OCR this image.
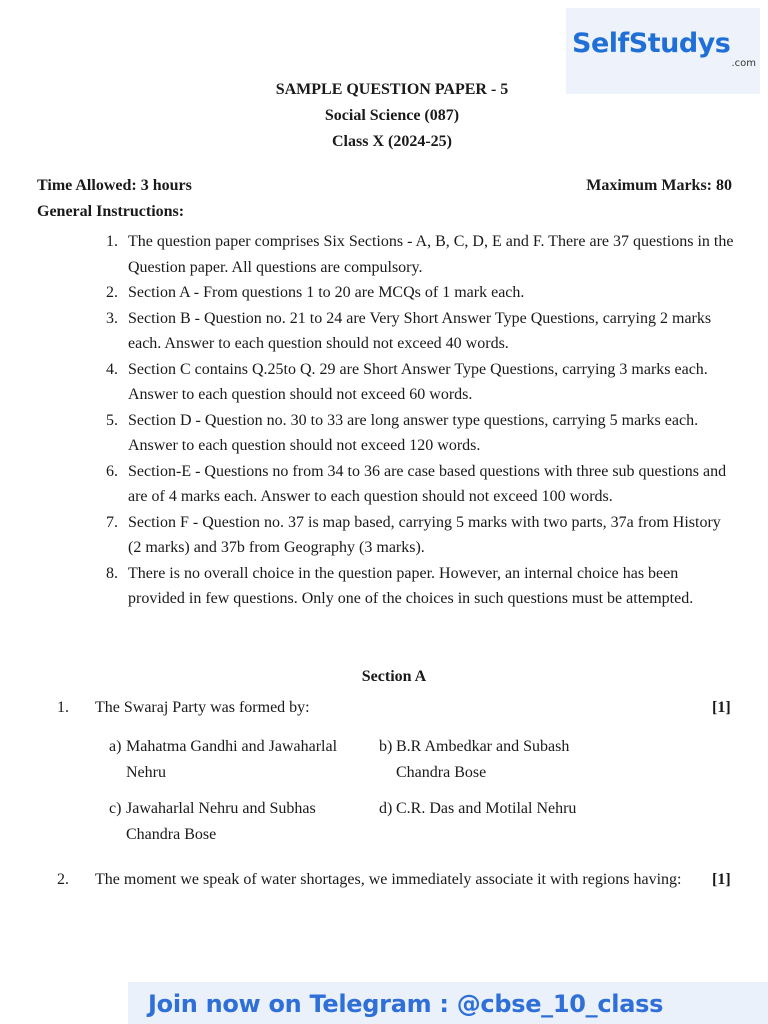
SelfStudys
.com
SAMPLE QUESTION PAPER - 5
Social Science (087)
Class X (2024-25)
Time Allowed: 3 hours	Maximum Marks: 80
General Instructions:
1. The question paper comprises Six Sections - A, B, C, D, E and F. There are 37 questions in the Question paper. All questions are compulsory.
2. Section A - From questions 1 to 20 are MCQs of 1 mark each.
3. Section B - Question no. 21 to 24 are Very Short Answer Type Questions, carrying 2 marks each. Answer to each question should not exceed 40 words.
4. Section C contains Q.25to Q. 29 are Short Answer Type Questions, carrying 3 marks each. Answer to each question should not exceed 60 words.
5. Section D - Question no. 30 to 33 are long answer type questions, carrying 5 marks each. Answer to each question should not exceed 120 words.
6. Section-E - Questions no from 34 to 36 are case based questions with three sub questions and are of 4 marks each. Answer to each question should not exceed 100 words.
7. Section F - Question no. 37 is map based, carrying 5 marks with two parts, 37a from History (2 marks) and 37b from Geography (3 marks).
8. There is no overall choice in the question paper. However, an internal choice has been provided in few questions. Only one of the choices in such questions must be attempted.
Section A
1. The Swaraj Party was formed by:	[1]
a) Mahatma Gandhi and Jawaharlal Nehru
b) B.R Ambedkar and Subash Chandra Bose
c) Jawaharlal Nehru and Subhas Chandra Bose
d) C.R. Das and Motilal Nehru
2. The moment we speak of water shortages, we immediately associate it with regions having:	[1]
Join now on Telegram : @cbse_10_class
